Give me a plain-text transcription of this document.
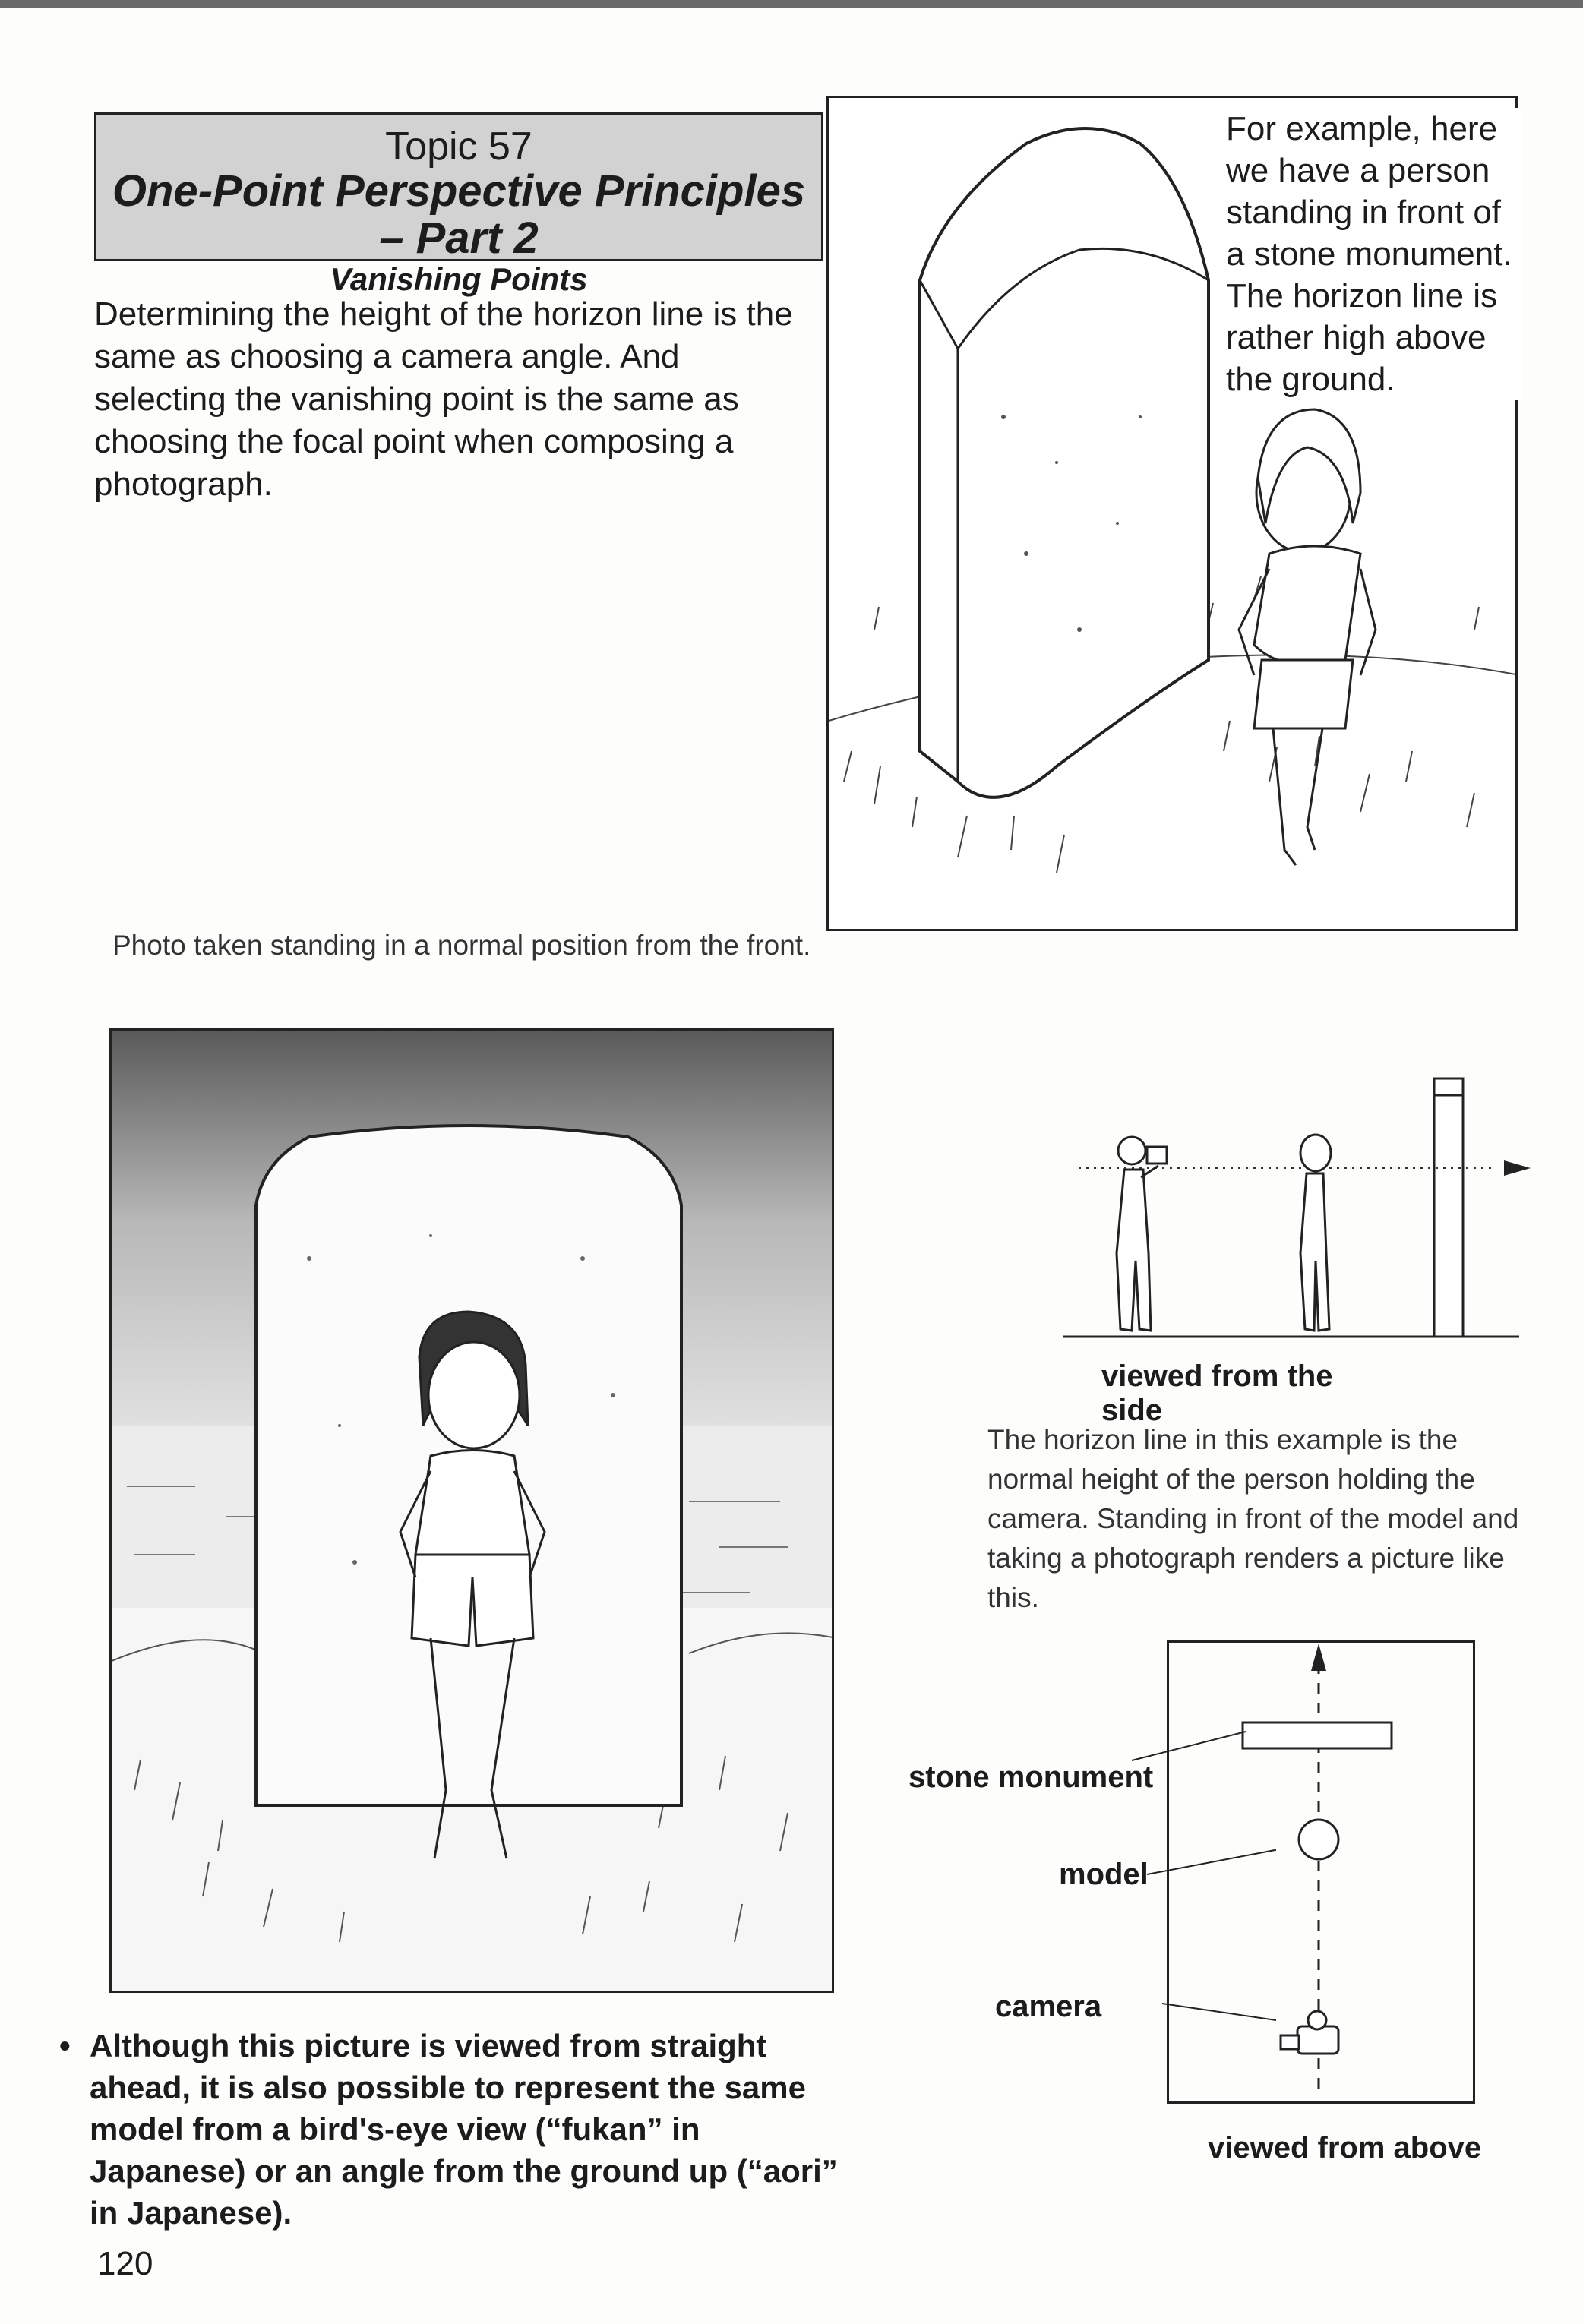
Topic 57
One-Point Perspective Principles – Part 2
Vanishing Points
Determining the height of the horizon line is the same as choosing a camera angle. And selecting the vanishing point is the same as choosing the focal point when composing a photograph.
For example, here we have a person standing in front of a stone monument. The horizon line is rather high above the ground.
Photo taken standing in a normal position from the front.
viewed from the side
The horizon line in this example is the normal height of the person holding the camera. Standing in front of the model and taking a photograph renders a picture like this.
stone monument
model
camera
viewed from above
• Although this picture is viewed from straight ahead, it is also possible to represent the same model from a bird's-eye view (“fukan” in Japanese) or an angle from the ground up (“aori” in Japanese).
120
